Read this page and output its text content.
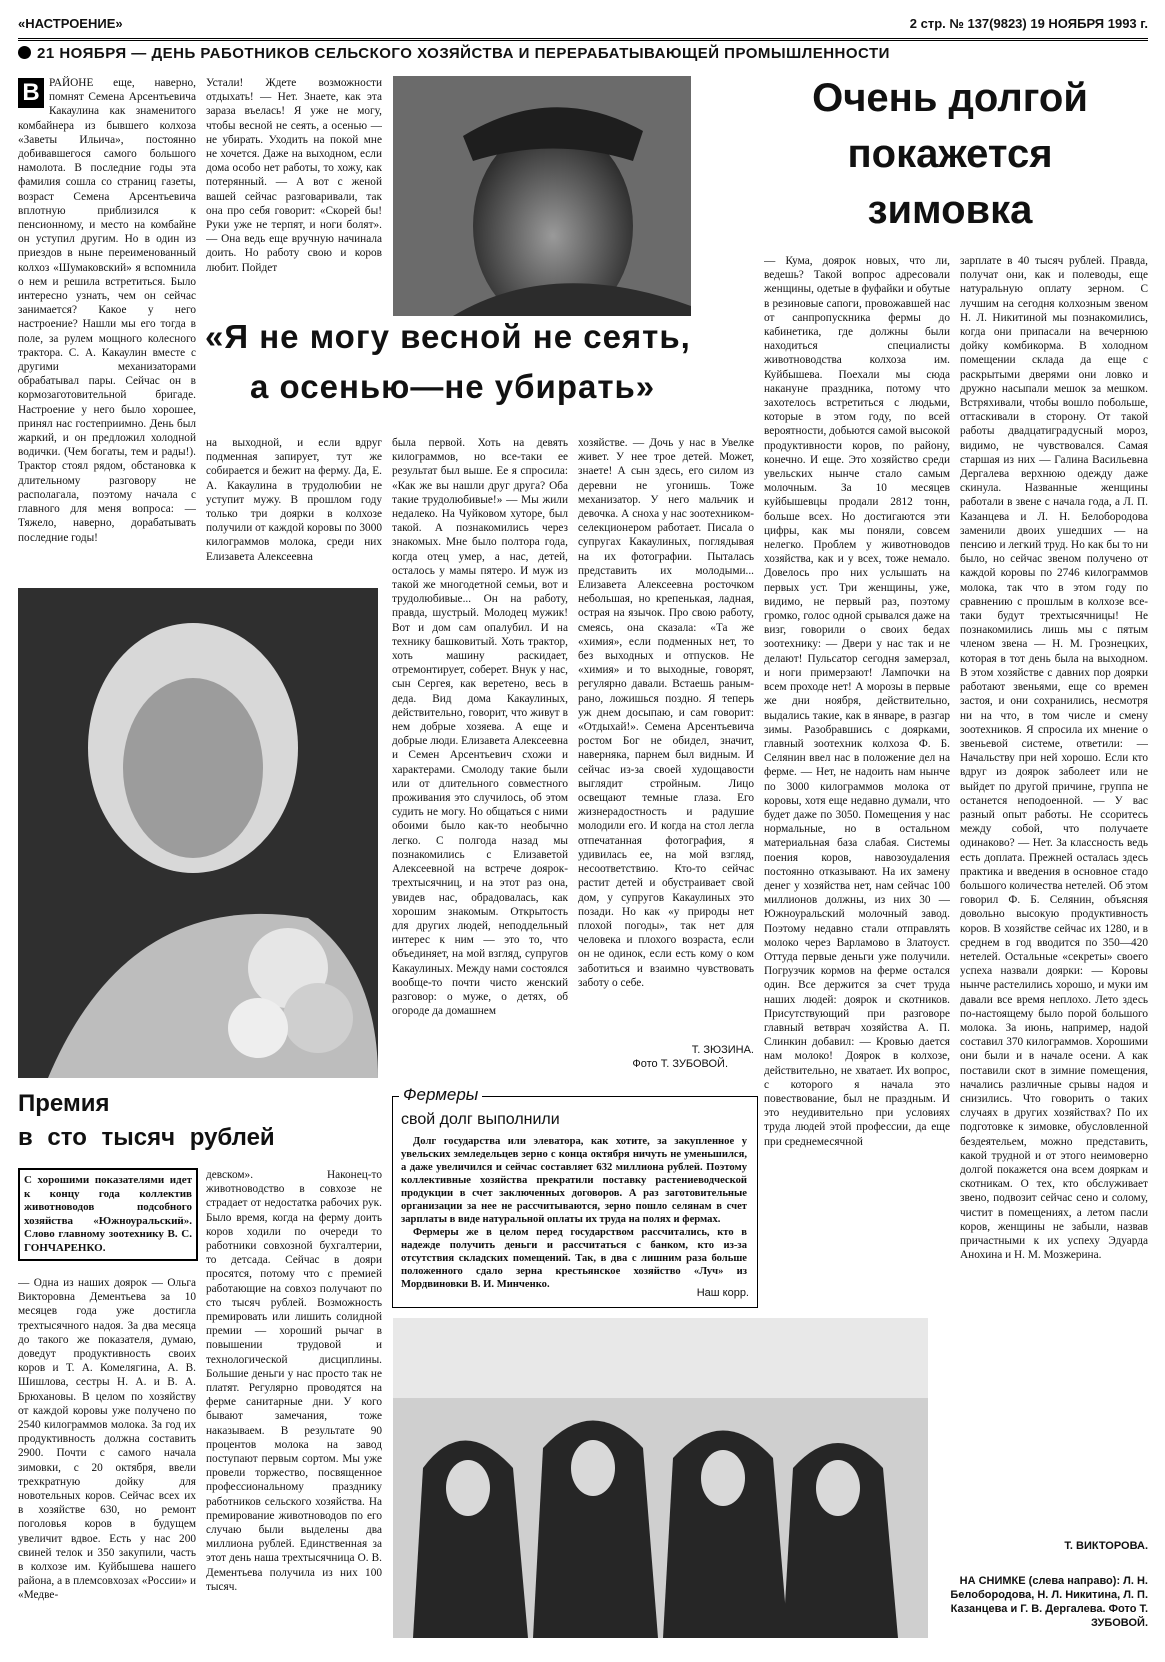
«НАСТРОЕНИЕ»	2 стр. № 137(9823) 19 НОЯБРЯ 1993 г.
21 НОЯБРЯ — ДЕНЬ РАБОТНИКОВ СЕЛЬСКОГО ХОЗЯЙСТВА И ПЕРЕРАБАТЫВАЮЩЕЙ ПРОМЫШЛЕННОСТИ
В РАЙОНЕ еще, наверно, помнят Семена Арсентьевича Какаулина как знаменитого комбайнера из бывшего колхоза «Заветы Ильича», постоянно добивавшегося самого большого намолота. В последние годы эта фамилия сошла со страниц газеты, возраст Семена Арсентьевича вплотную приблизился к пенсионному, и место на комбайне он уступил другим. Но в один из приездов в ныне переименованный колхоз «Шумаковский» я вспомнила о нем и решила встретиться. Было интересно узнать, чем он сейчас занимается? Какое у него настроение? Нашли мы его тогда в поле, за рулем мощного колесного трактора. С. А. Какаулин вместе с другими механизаторами обрабатывал пары. Сейчас он в кормозаготовительной бригаде. Настроение у него было хорошее, принял нас гостеприимно. День был жаркий, и он предложил холодной водички. (Чем богаты, тем и рады!). Трактор стоял рядом, обстановка к длительному разговору не располагала, поэтому начала с главного для меня вопроса: — Тяжело, наверно, дорабатывать последние годы!
Устали! Ждете возможности отдыхать! — Нет. Знаете, как эта зараза въелась! Я уже не могу, чтобы весной не сеять, а осенью — не убирать. Уходить на покой мне не хочется. Даже на выходном, если дома особо нет работы, то хожу, как потерянный. — А вот с женой вашей сейчас разговаривали, так она про себя говорит: «Скорей бы! Руки уже не терпят, и ноги болят». — Она ведь еще вручную начинала доить. Но работу свою и коров любит. Пойдет
«Я не могу весной не сеять,
а осенью—не убирать»
на выходной, и если вдруг подменная запирует, тут же собирается и бежит на ферму. Да, Е. А. Какаулина в трудолюбии не уступит мужу. В прошлом году только три доярки в колхозе получили от каждой коровы по 3000 килограммов молока, среди них Елизавета Алексеевна
была первой. Хоть на девять килограммов, но все-таки ее результат был выше. Ее я спросила: «Как же вы нашли друг друга? Оба такие трудолюбивые!» — Мы жили недалеко. На Чуйковом хуторе, был такой. А познакомились через знакомых. Мне было полтора года, когда отец умер, а нас, детей, осталось у мамы пятеро. И муж из такой же многодетной семьи, вот и трудолюбивые... Он на работу, правда, шустрый. Молодец мужик! Вот и дом сам опалубил. И на технику башковитый. Хоть трактор, хоть машину раскидает, отремонтирует, соберет. Внук у нас, сын Сергея, как веретено, весь в деда. Вид дома Какаулиных, действительно, говорит, что живут в нем добрые хозяева. А еще и добрые люди. Елизавета Алексеевна и Семен Арсентьевич схожи и характерами. Смолоду такие были или от длительного совместного проживания это случилось, об этом судить не могу. Но общаться с ними обоими было как-то необычно легко. С полгода назад мы познакомились с Елизаветой Алексеевной на встрече доярок-трехтысячниц, и на этот раз она, увидев нас, обрадовалась, как хорошим знакомым. Открытость для других людей, неподдельный интерес к ним — это то, что объединяет, на мой взгляд, супругов Какаулиных. Между нами состоялся вообще-то почти чисто женский разговор: о муже, о детях, об огороде да домашнем
хозяйстве. — Дочь у нас в Увелке живет. У нее трое детей. Может, знаете! А сын здесь, его силом из деревни не угонишь. Тоже механизатор. У него мальчик и девочка. А сноха у нас зоотехником-селекционером работает. Писала о супругах Какаулиных, поглядывая на их фотографии. Пыталась представить их молодыми... Елизавета Алексеевна росточком небольшая, но крепенькая, ладная, острая на язычок. Про свою работу, смеясь, она сказала: «Та же «химия», если подменных нет, то без выходных и отпусков. Не «химия» и то выходные, говорят, регулярно давали. Встаешь раным-рано, ложишься поздно. Я теперь уж днем досыпаю, и сам говорит: «Отдыхай!». Семена Арсентьевича ростом Бог не обидел, значит, наверняка, парнем был видным. И сейчас из-за своей худощавости выглядит стройным. Лицо освещают темные глаза. Его жизнерадостность и радушие молодили его. И когда на стол легла отпечатанная фотография, я удивилась ее, на мой взгляд, несоответствию. Кто-то сейчас растит детей и обустраивает свой дом, у супругов Какаулиных это позади. Но как «у природы нет плохой погоды», так нет для человека и плохого возраста, если он не одинок, если есть кому о ком заботиться и взаимно чувствовать заботу о себе.
Т. ЗЮЗИНА.
Фото Т. ЗУБОВОЙ.
Очень долгой
покажется
зимовка
— Кума, доярок новых, что ли, ведешь? Такой вопрос адресовали женщины, одетые в фуфайки и обутые в резиновые сапоги, провожавшей нас от санпропускника фермы до кабинетика, где должны были находиться специалисты животноводства колхоза им. Куйбышева. Поехали мы сюда накануне праздника, потому что захотелось встретиться с людьми, которые в этом году, по всей вероятности, добьются самой высокой продуктивности коров, по району, конечно. И еще. Это хозяйство среди увельских нынче стало самым молочным. За 10 месяцев куйбышевцы продали 2812 тонн, больше всех. Но достигаются эти цифры, как мы поняли, совсем нелегко. Проблем у животноводов хозяйства, как и у всех, тоже немало. Довелось про них услышать на первых уст. Три женщины, уже, видимо, не первый раз, поэтому громко, голос одной срывался даже на визг, говорили о своих бедах зоотехнику: — Двери у нас так и не делают! Пульсатор сегодня замерзал, и ноги примерзают! Лампочки на всем проходе нет! А морозы в первые же дни ноября, действительно, выдались такие, как в январе, в разгар зимы. Разобравшись с доярками, главный зоотехник колхоза Ф. Б. Селянин ввел нас в положение дел на ферме. — Нет, не надоить нам нынче по 3000 килограммов молока от коровы, хотя еще недавно думали, что будет даже по 3050. Помещения у нас нормальные, но в остальном материальная база слабая. Системы поения коров, навозоудаления постоянно отказывают. На их замену денег у хозяйства нет, нам сейчас 100 миллионов должны, из них 30 — Южноуральский молочный завод. Поэтому недавно стали отправлять молоко через Варламово в Златоуст. Оттуда первые деньги уже получили. Погрузчик кормов на ферме остался один. Все держится за счет труда наших людей: доярок и скотников. Присутствующий при разговоре главный ветврач хозяйства А. П. Слинкин добавил: — Кровью дается нам молоко! Доярок в колхозе, действительно, не хватает. Их вопрос, с которого я начала это повествование, был не праздным. И это неудивительно при условиях труда людей этой профессии, да еще при среднемесячной
зарплате в 40 тысяч рублей. Правда, получат они, как и полеводы, еще натуральную оплату зерном. С лучшим на сегодня колхозным звеном Н. Л. Никитиной мы познакомились, когда они припасали на вечернюю дойку комбикорма. В холодном помещении склада да еще с раскрытыми дверями они ловко и дружно насыпали мешок за мешком. Встряхивали, чтобы вошло побольше, оттаскивали в сторону. От такой работы двадцатиградусный мороз, видимо, не чувствовался. Самая старшая из них — Галина Васильевна Дергалева верхнюю одежду даже скинула. Названные женщины работали в звене с начала года, а Л. П. Казанцева и Л. Н. Белобородова заменили двоих ушедших — на пенсию и легкий труд. Но как бы то ни было, но сейчас звеном получено от каждой коровы по 2746 килограммов молока, так что в этом году по сравнению с прошлым в колхозе все-таки будут трехтысячницы! Не познакомились лишь мы с пятым членом звена — Н. М. Грознецких, которая в тот день была на выходном. В этом хозяйстве с давних пор доярки работают звеньями, еще со времен застоя, и они сохранились, несмотря ни на что, в том числе и смену зоотехников. Я спросила их мнение о звеньевой системе, ответили: — Начальству при ней хорошо. Если кто вдруг из доярок заболеет или не выйдет по другой причине, группа не останется неподоенной. — У вас разный опыт работы. Не ссоритесь между собой, что получаете одинаково? — Нет. За классность ведь есть доплата. Прежней осталась здесь практика и введения в основное стадо большого количества нетелей. Об этом говорил Ф. Б. Селянин, объясняя довольно высокую продуктивность коров. В хозяйстве сейчас их 1280, и в среднем в год вводится по 350—420 нетелей. Остальные «секреты» своего успеха назвали доярки: — Коровы нынче растелились хорошо, и муки им давали все время неплохо. Лето здесь по-настоящему было порой большого молока. За июнь, например, надой составил 370 килограммов. Хорошими они были и в начале осени. А как поставили скот в зимние помещения, начались различные срывы надоя и снизились. Что говорить о таких случаях в других хозяйствах? По их подготовке к зимовке, обусловленной бездеятельем, можно представить, какой трудной и от этого неимоверно долгой покажется она всем дояркам и скотникам. О тех, кто обслуживает звено, подвозит сейчас сено и солому, чистит в помещениях, а летом пасли коров, женщины не забыли, назвав причастными к их успеху Эдуарда Анохина и Н. М. Мозжерина.
Т. ВИКТОРОВА.
НА СНИМКЕ (слева направо): Л. Н. Белобородова, Н. Л. Никитина, Л. П. Казанцева и Г. В. Дергалева. Фото Т. ЗУБОВОЙ.
Премия
в сто тысяч рублей
С хорошими показателями идет к концу года коллектив животноводов подсобного хозяйства «Южноуральский». Слово главному зоотехнику В. С. ГОНЧАРЕНКО.
— Одна из наших доярок — Ольга Викторовна Дементьева за 10 месяцев года уже достигла трехтысячного надоя. За два месяца до такого же показателя, думаю, доведут продуктивность своих коров и Т. А. Комелягина, А. В. Шишлова, сестры Н. А. и В. А. Брюхановы. В целом по хозяйству от каждой коровы уже получено по 2540 килограммов молока. За год их продуктивность должна составить 2900. Почти с самого начала зимовки, с 20 октября, ввели трехкратную дойку для новотельных коров. Сейчас всех их в хозяйстве 630, но ремонт поголовья коров в будущем увеличит вдвое. Есть у нас 200 свиней телок и 350 закупили, часть в колхозе им. Куйбышева нашего района, а в племсовхозах «России» и «Медве-
девском». Наконец-то животноводство в совхозе не страдает от недостатка рабочих рук. Было время, когда на ферму доить коров ходили по очереди то работники совхозной бухгалтерии, то детсада. Сейчас в дояри просятся, потому что с премией работающие на совхоз получают по сто тысяч рублей. Возможность премировать или лишить солидной премии — хороший рычаг в повышении трудовой и технологической дисциплины. Большие деньги у нас просто так не платят. Регулярно проводятся на ферме санитарные дни. У кого бывают замечания, тоже наказываем. В результате 90 процентов молока на завод поступают первым сортом. Мы уже провели торжество, посвященное профессиональному празднику работников сельского хозяйства. На премирование животноводов по его случаю были выделены два миллиона рублей. Единственная за этот день наша трехтысячница О. В. Дементьева получила из них 100 тысяч.
Фермеры
свой долг выполнили

Долг государства или элеватора, как хотите, за закупленное у увельских земледельцев зерно с конца октября ничуть не уменьшился, а даже увеличился и сейчас составляет 632 миллиона рублей. Поэтому коллективные хозяйства прекратили поставку растениеводческой продукции в счет заключенных договоров. А раз заготовительные организации за нее не рассчитываются, зерно пошло селянам в счет зарплаты в виде натуральной оплаты их труда на полях и фермах.

Фермеры же в целом перед государством рассчитались, кто в надежде получить деньги и рассчитаться с банком, кто из-за отсутствия складских помещений. Так, в два с лишним раза больше положенного сдало зерна крестьянское хозяйство «Луч» из Мордвиновки В. И. Минченко.

Наш корр.
